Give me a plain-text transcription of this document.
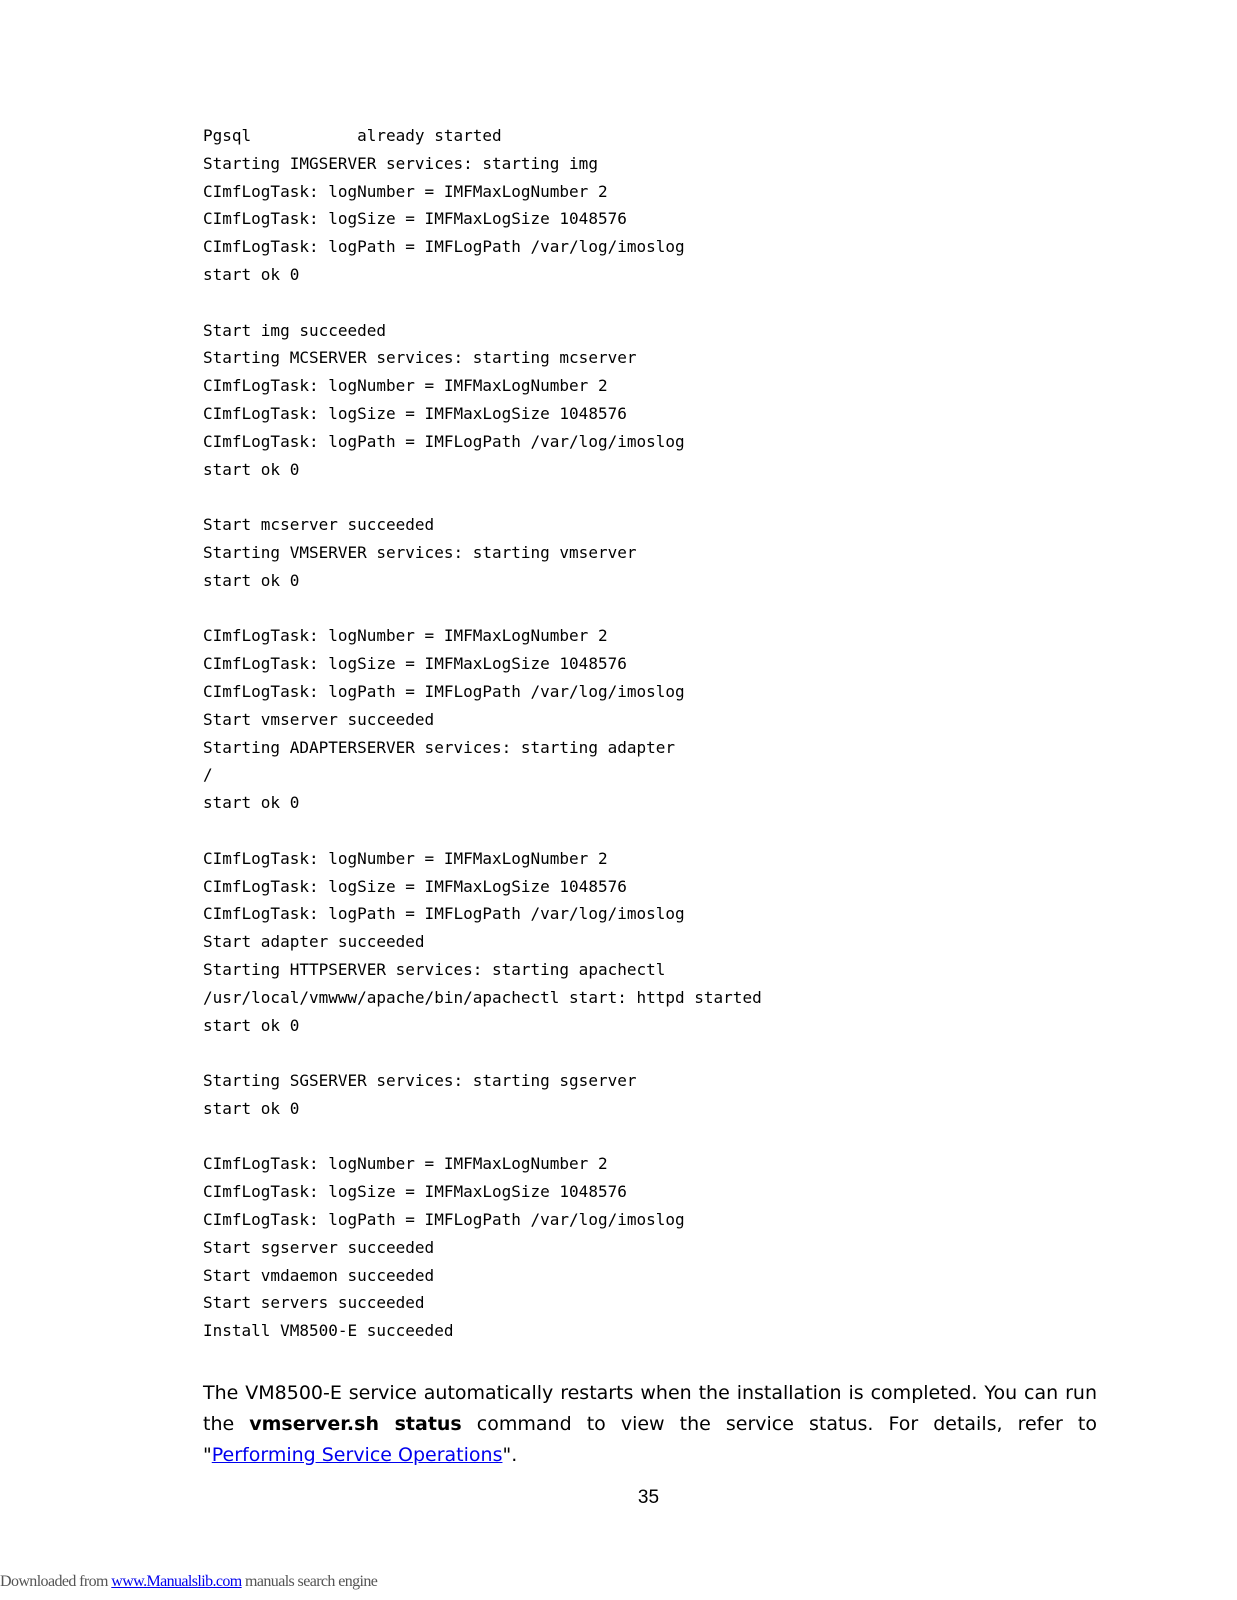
Pgsql           already started
Starting IMGSERVER services: starting img
CImfLogTask: logNumber = IMFMaxLogNumber 2
CImfLogTask: logSize = IMFMaxLogSize 1048576
CImfLogTask: logPath = IMFLogPath /var/log/imoslog
start ok 0
Start img succeeded
Starting MCSERVER services: starting mcserver
CImfLogTask: logNumber = IMFMaxLogNumber 2
CImfLogTask: logSize = IMFMaxLogSize 1048576
CImfLogTask: logPath = IMFLogPath /var/log/imoslog
start ok 0
Start mcserver succeeded
Starting VMSERVER services: starting vmserver
start ok 0
CImfLogTask: logNumber = IMFMaxLogNumber 2
CImfLogTask: logSize = IMFMaxLogSize 1048576
CImfLogTask: logPath = IMFLogPath /var/log/imoslog
Start vmserver succeeded
Starting ADAPTERSERVER services: starting adapter
/
start ok 0
CImfLogTask: logNumber = IMFMaxLogNumber 2
CImfLogTask: logSize = IMFMaxLogSize 1048576
CImfLogTask: logPath = IMFLogPath /var/log/imoslog
Start adapter succeeded
Starting HTTPSERVER services: starting apachectl
/usr/local/vmwww/apache/bin/apachectl start: httpd started
start ok 0
Starting SGSERVER services: starting sgserver
start ok 0
CImfLogTask: logNumber = IMFMaxLogNumber 2
CImfLogTask: logSize = IMFMaxLogSize 1048576
CImfLogTask: logPath = IMFLogPath /var/log/imoslog
Start sgserver succeeded
Start vmdaemon succeeded
Start servers succeeded
Install VM8500-E succeeded

The VM8500-E service automatically restarts when the installation is completed. You can run the vmserver.sh status command to view the service status. For details, refer to "Performing Service Operations".

35
Downloaded from www.Manualslib.com manuals search engine
